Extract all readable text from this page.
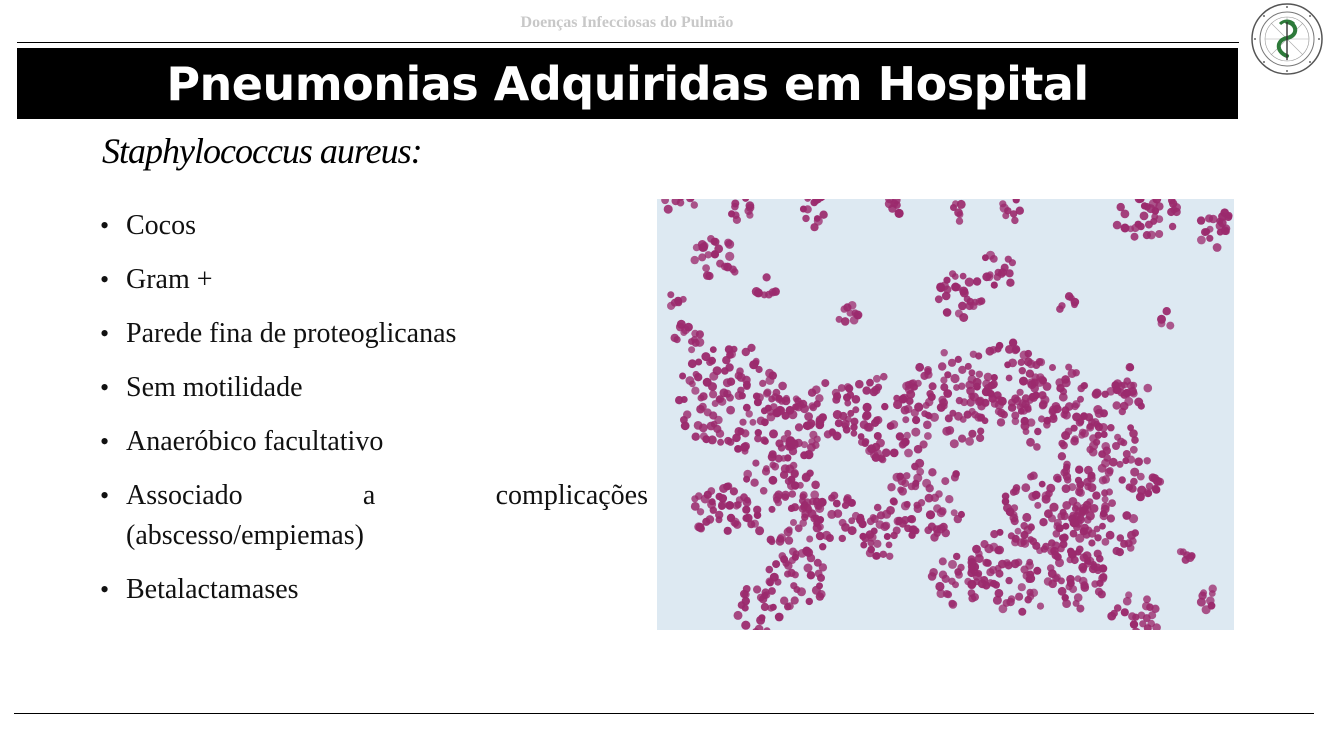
Doenças Infecciosas do Pulmão
Pneumonias Adquiridas em Hospital
Staphylococcus aureus:
• Cocos
• Gram +
• Parede fina de proteoglicanas
• Sem motilidade
• Anaeróbico facultativo
• Associado a complicações (abscesso/empiemas)
• Betalactamases
